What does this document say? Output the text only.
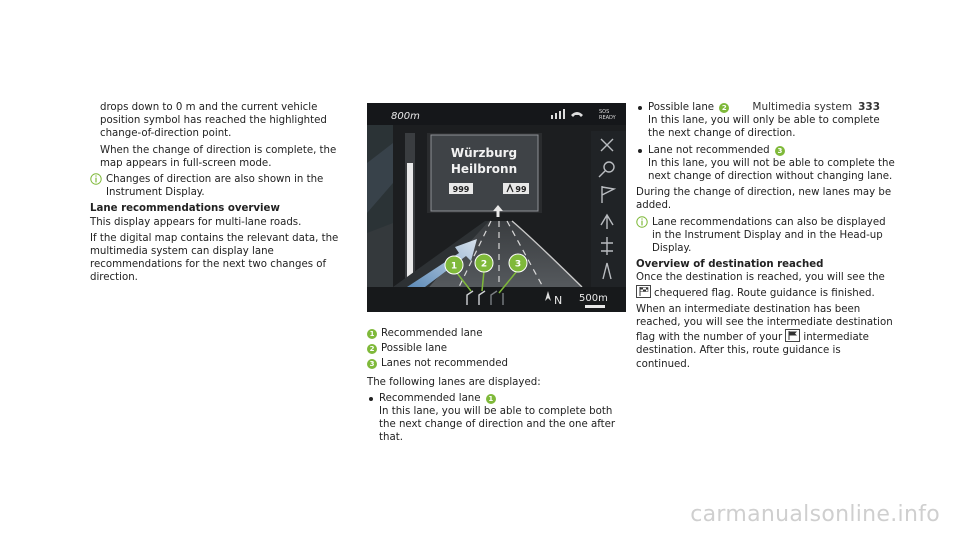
Multimedia system 333

drops down to 0 m and the current vehicle position symbol has reached the highlighted change-of-direction point.

When the change of direction is complete, the map appears in full-screen mode.

Changes of direction are also shown in the Instrument Display.

Lane recommendations overview

This display appears for multi-lane roads.

If the digital map contains the relevant data, the multimedia system can display lane recommendations for the next two changes of direction.

Würzburg
Heilbronn
999	99
800m	SOS
READY
N 500m
1	2	3
1 Recommended lane
2 Possible lane
3 Lanes not recommended

The following lanes are displayed:

Recommended lane 1

In this lane, you will be able to complete both the next change of direction and the one after that.

Possible lane 2

In this lane, you will only be able to complete the next change of direction.

Lane not recommended 3

In this lane, you will not be able to complete the next change of direction without changing lane.

During the change of direction, new lanes may be added.

Lane recommendations can also be displayed in the Instrument Display and in the Head-up Display.

Overview of destination reached

Once the destination is reached, you will see the
chequered flag. Route guidance is finished.

When an intermediate destination has been reached, you will see the intermediate destination flag with the number of your intermediate destination. After this, route guidance is continued.

carmanualsonline.info
